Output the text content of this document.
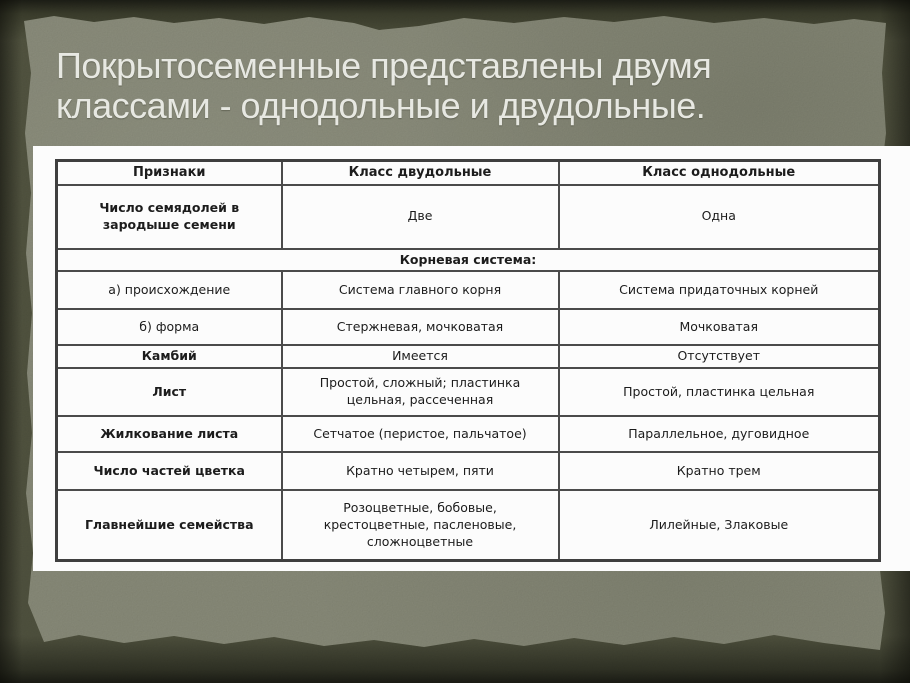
Покрытосеменные представлены двумя
классами - однодольные и двудольные.
Признаки	Класс двудольные	Класс однодольные
Число семядолей в зародыше семени	Две	Одна
Корневая система:		
а) происхождение	Система главного корня	Система придаточных корней
б) форма	Стержневая, мочковатая	Мочковатая
Камбий	Имеется	Отсутствует
Лист	Простой, сложный; пластинка цельная, рассеченная	Простой, пластинка цельная
Жилкование листа	Сетчатое (перистое, пальчатое)	Параллельное, дуговидное
Число частей цветка	Кратно четырем, пяти	Кратно трем
Главнейшие семейства	Розоцветные, бобовые, крестоцветные, пасленовые, сложноцветные	Лилейные, Злаковые
